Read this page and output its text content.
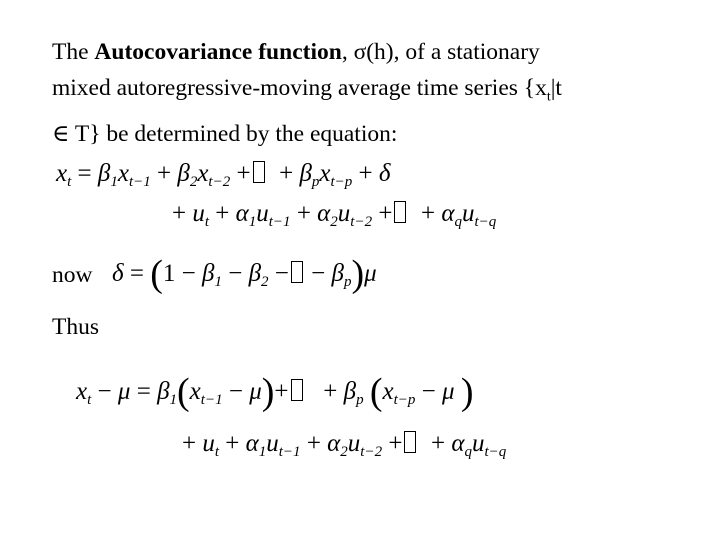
The Autocovariance function, σ(h), of a stationary
mixed autoregressive-moving average time series {$x_t|t$
∈ T} be determined by the equation:
$x_t = \beta_1x_{t-1} + \beta_2x_{t-2}$ +  + $\beta_px_{t-p} + \delta$
+ $u_t + \alpha_1u_{t-1} + \alpha_2u_{t-2}$ +  + $\alpha_qu_{t-q}$
now $\delta = (1 - \beta_1 - \beta_2$ − − $\beta_p)\mu$
Thus
$x_t - \mu = \beta_1(x_{t-1} - \mu)+ + \beta_p$ ($x_{t-p} - \mu$ )
+ $u_t + \alpha_1u_{t-1} + \alpha_2u_{t-2}$ +  + $\alpha_qu_{t-q}$
